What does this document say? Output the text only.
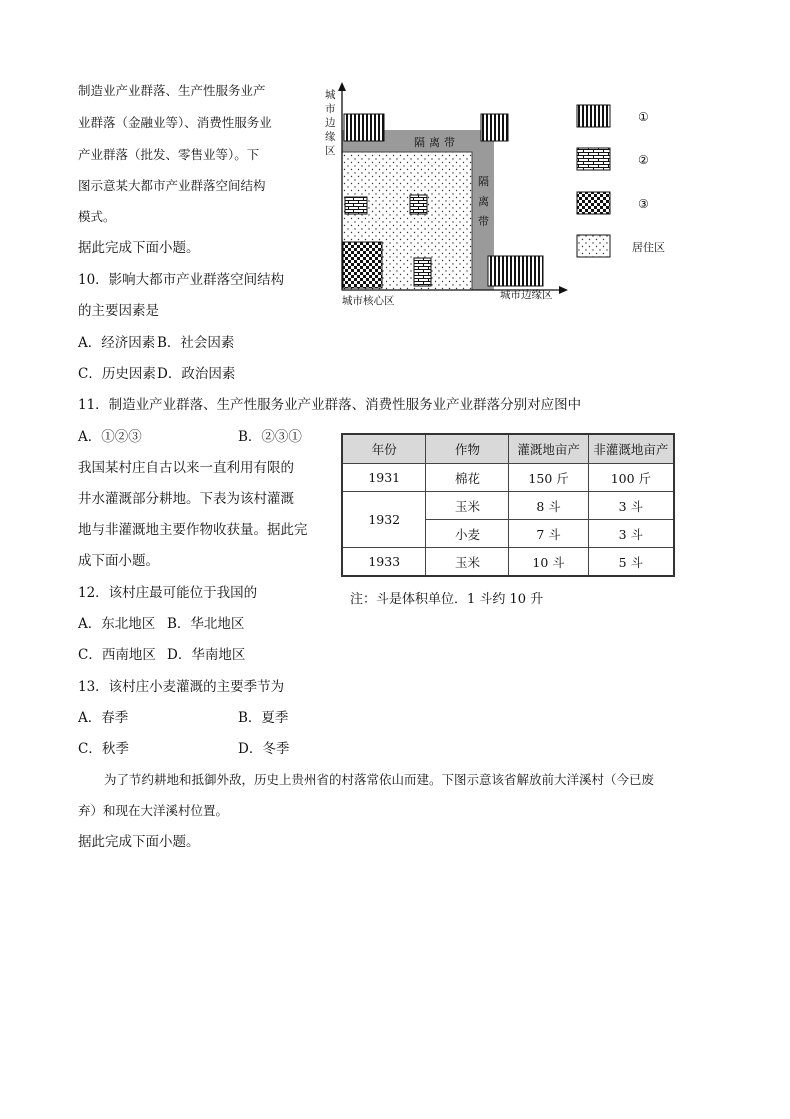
制造业产业群落、生产性服务业产
业群落（金融业等）、消费性服务业
产业群落（批发、零售业等）。下
图示意某大都市产业群落空间结构
模式。
据此完成下面小题。
10．影响大都市产业群落空间结构
的主要因素是
A．经济因素 B．社会因素
C．历史因素 D．政治因素
11．制造业产业群落、生产性服务业产业群落、消费性服务业产业群落分别对应图中
A．①②③	B．②③①
我国某村庄自古以来一直利用有限的
井水灌溉部分耕地。下表为该村灌溉
地与非灌溉地主要作物收获量。据此完
成下面小题。
12．该村庄最可能位于我国的
A．东北地区 B．华北地区
C．西南地区 D．华南地区
13．该村庄小麦灌溉的主要季节为
A．春季	B．夏季
C．秋季	D．冬季
为了节约耕地和抵御外敌，历史上贵州省的村落常依山而建。下图示意该省解放前大洋溪村（今已废
弃）和现在大洋溪村位置。
据此完成下面小题。
城市边缘区
城市核心区	城市边缘区
隔离带
隔离带
①
②
③
居住区
年份	作物	灌溉地亩产	非灌溉地亩产
1931	棉花	150 斤	100 斤
1932	玉米	8 斗	3 斗
	小麦	7 斗	3 斗
1933	玉米	10 斗	5 斗
注：斗是体积单位．1 斗约 10 升
